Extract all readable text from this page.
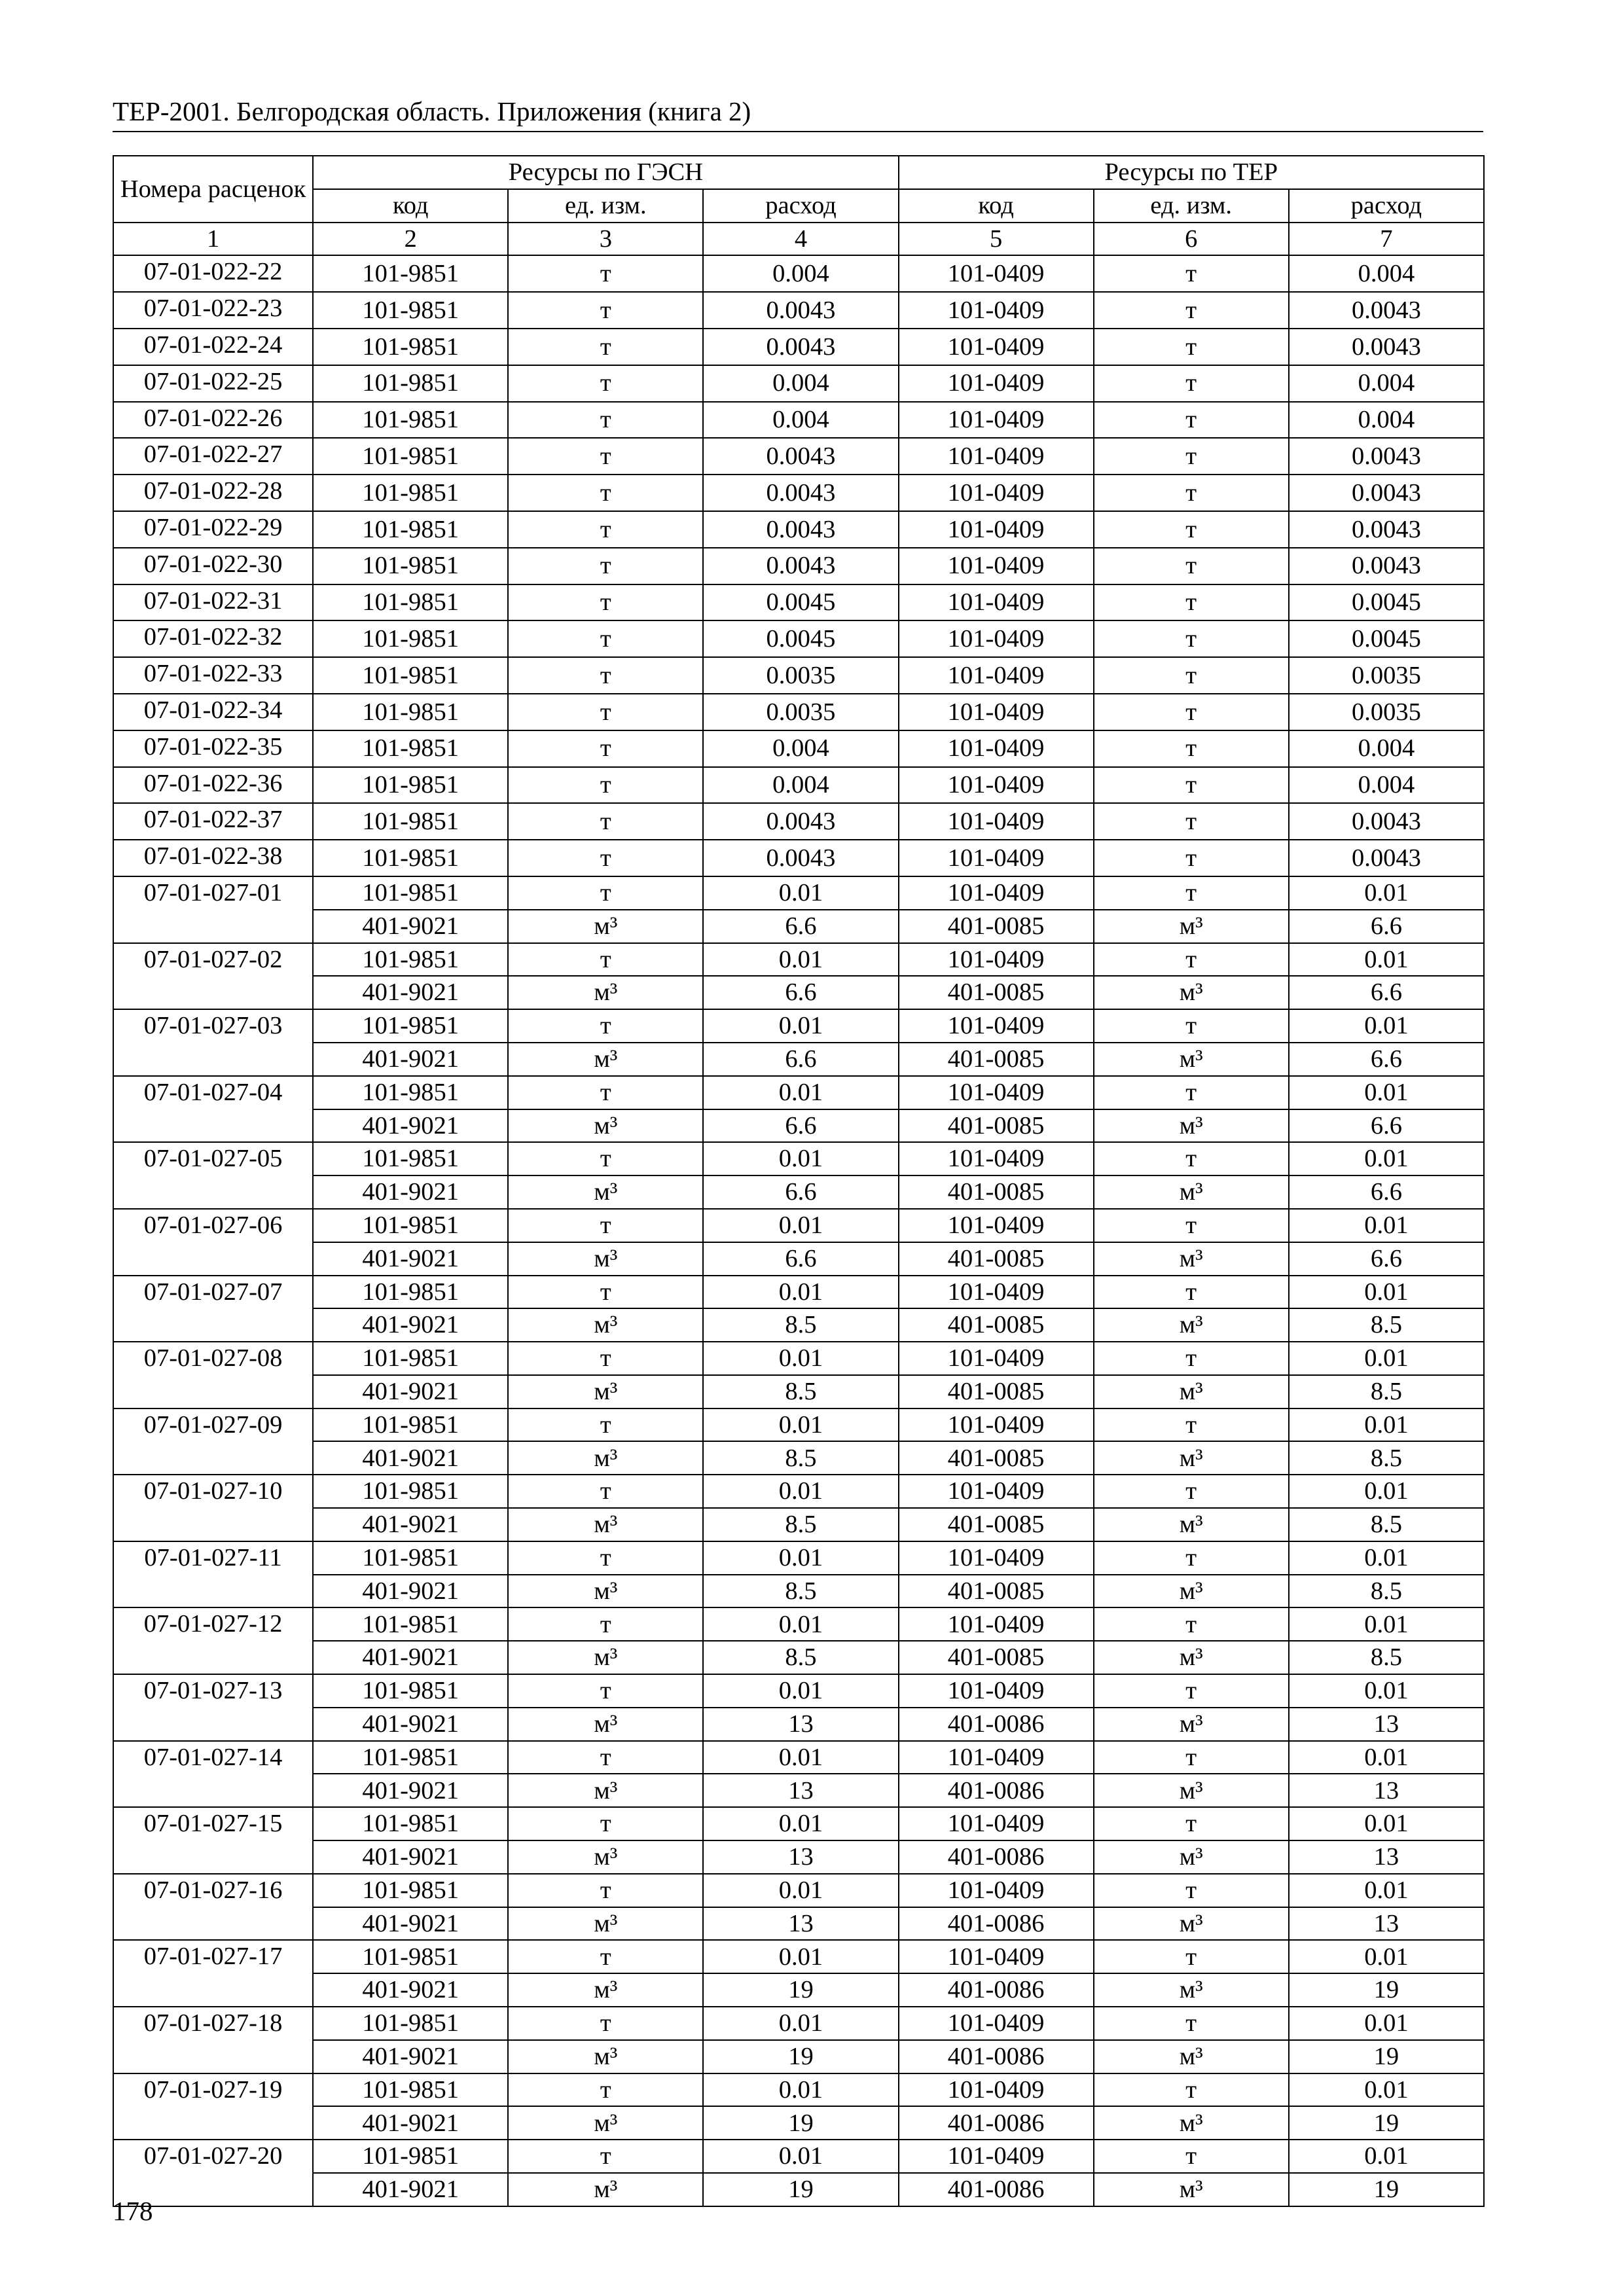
ТЕР-2001. Белгородская область. Приложения (книга 2)
Номера расценок	Ресурсы по ГЭСН			Ресурсы по ТЕР		
	код	ед. изм.	расход	код	ед. изм.	расход
1	2	3	4	5	6	7
07-01-022-22	101-9851	т	0.004	101-0409	т	0.004
07-01-022-23	101-9851	т	0.0043	101-0409	т	0.0043
07-01-022-24	101-9851	т	0.0043	101-0409	т	0.0043
07-01-022-25	101-9851	т	0.004	101-0409	т	0.004
07-01-022-26	101-9851	т	0.004	101-0409	т	0.004
07-01-022-27	101-9851	т	0.0043	101-0409	т	0.0043
07-01-022-28	101-9851	т	0.0043	101-0409	т	0.0043
07-01-022-29	101-9851	т	0.0043	101-0409	т	0.0043
07-01-022-30	101-9851	т	0.0043	101-0409	т	0.0043
07-01-022-31	101-9851	т	0.0045	101-0409	т	0.0045
07-01-022-32	101-9851	т	0.0045	101-0409	т	0.0045
07-01-022-33	101-9851	т	0.0035	101-0409	т	0.0035
07-01-022-34	101-9851	т	0.0035	101-0409	т	0.0035
07-01-022-35	101-9851	т	0.004	101-0409	т	0.004
07-01-022-36	101-9851	т	0.004	101-0409	т	0.004
07-01-022-37	101-9851	т	0.0043	101-0409	т	0.0043
07-01-022-38	101-9851	т	0.0043	101-0409	т	0.0043
07-01-027-01	101-9851	т	0.01	101-0409	т	0.01
	401-9021	м³	6.6	401-0085	м³	6.6
07-01-027-02	101-9851	т	0.01	101-0409	т	0.01
	401-9021	м³	6.6	401-0085	м³	6.6
07-01-027-03	101-9851	т	0.01	101-0409	т	0.01
	401-9021	м³	6.6	401-0085	м³	6.6
07-01-027-04	101-9851	т	0.01	101-0409	т	0.01
	401-9021	м³	6.6	401-0085	м³	6.6
07-01-027-05	101-9851	т	0.01	101-0409	т	0.01
	401-9021	м³	6.6	401-0085	м³	6.6
07-01-027-06	101-9851	т	0.01	101-0409	т	0.01
	401-9021	м³	6.6	401-0085	м³	6.6
07-01-027-07	101-9851	т	0.01	101-0409	т	0.01
	401-9021	м³	8.5	401-0085	м³	8.5
07-01-027-08	101-9851	т	0.01	101-0409	т	0.01
	401-9021	м³	8.5	401-0085	м³	8.5
07-01-027-09	101-9851	т	0.01	101-0409	т	0.01
	401-9021	м³	8.5	401-0085	м³	8.5
07-01-027-10	101-9851	т	0.01	101-0409	т	0.01
	401-9021	м³	8.5	401-0085	м³	8.5
07-01-027-11	101-9851	т	0.01	101-0409	т	0.01
	401-9021	м³	8.5	401-0085	м³	8.5
07-01-027-12	101-9851	т	0.01	101-0409	т	0.01
	401-9021	м³	8.5	401-0085	м³	8.5
07-01-027-13	101-9851	т	0.01	101-0409	т	0.01
	401-9021	м³	13	401-0086	м³	13
07-01-027-14	101-9851	т	0.01	101-0409	т	0.01
	401-9021	м³	13	401-0086	м³	13
07-01-027-15	101-9851	т	0.01	101-0409	т	0.01
	401-9021	м³	13	401-0086	м³	13
07-01-027-16	101-9851	т	0.01	101-0409	т	0.01
	401-9021	м³	13	401-0086	м³	13
07-01-027-17	101-9851	т	0.01	101-0409	т	0.01
	401-9021	м³	19	401-0086	м³	19
07-01-027-18	101-9851	т	0.01	101-0409	т	0.01
	401-9021	м³	19	401-0086	м³	19
07-01-027-19	101-9851	т	0.01	101-0409	т	0.01
	401-9021	м³	19	401-0086	м³	19
07-01-027-20	101-9851	т	0.01	101-0409	т	0.01
	401-9021	м³	19	401-0086	м³	19
178
